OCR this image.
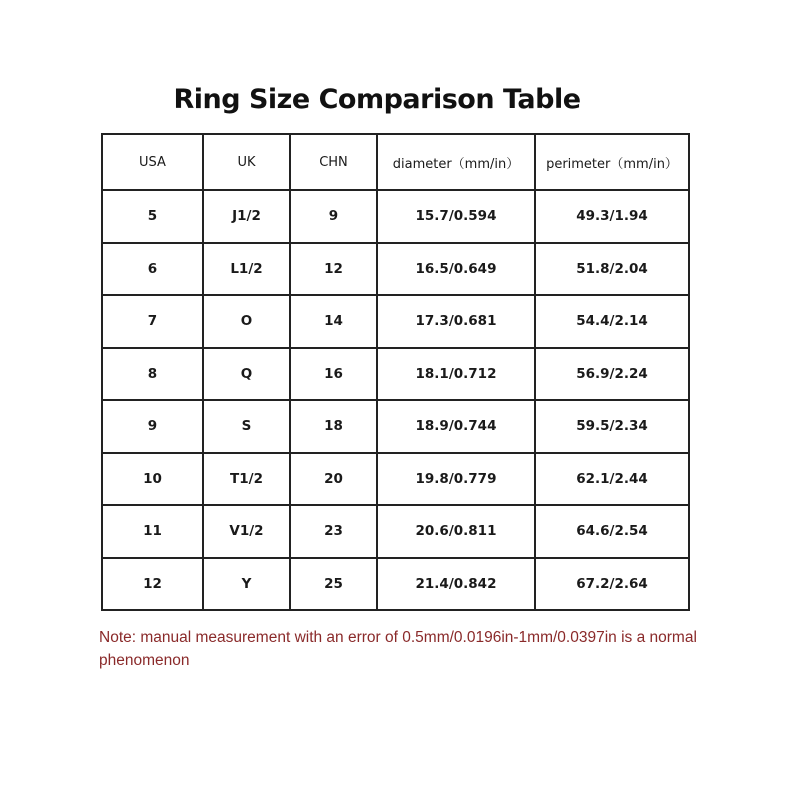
Ring Size Comparison Table
USA	UK	CHN	diameter（mm/in）	perimeter（mm/in）
5	J1/2	9	15.7/0.594	49.3/1.94
6	L1/2	12	16.5/0.649	51.8/2.04
7	O	14	17.3/0.681	54.4/2.14
8	Q	16	18.1/0.712	56.9/2.24
9	S	18	18.9/0.744	59.5/2.34
10	T1/2	20	19.8/0.779	62.1/2.44
11	V1/2	23	20.6/0.811	64.6/2.54
12	Y	25	21.4/0.842	67.2/2.64
Note: manual measurement with an error of 0.5mm/0.0196in-1mm/0.0397in is a normal phenomenon
